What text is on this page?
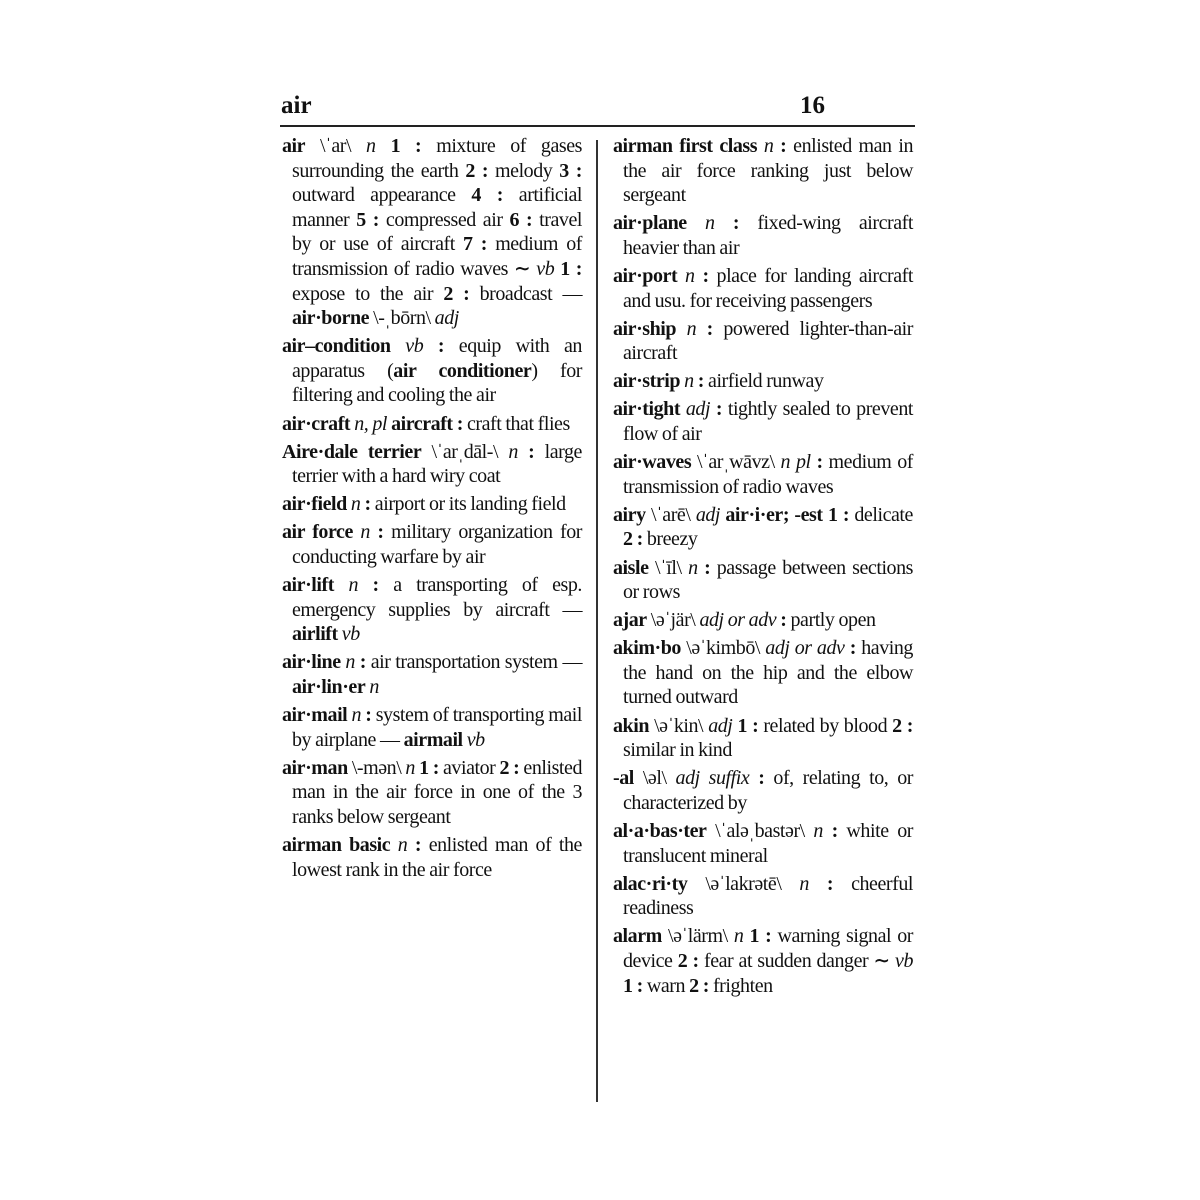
air	16
air \ˈar\ n 1 : mixture of gases surrounding the earth 2 : melody 3 : outward appearance 4 : artificial manner 5 : compressed air 6 : travel by or use of aircraft 7 : medium of transmission of radio waves ∼ vb 1 : expose to the air 2 : broadcast — air·borne \-ˌbōrn\ adj
air–condition vb : equip with an apparatus (air conditioner) for filtering and cooling the air
air·craft n, pl aircraft : craft that flies
Aire·dale terrier \ˈarˌdāl-\ n : large terrier with a hard wiry coat
air·field n : airport or its landing field
air force n : military organization for conducting warfare by air
air·lift n : a transporting of esp. emergency supplies by aircraft — airlift vb
air·line n : air transportation system — air·lin·er n
air·mail n : system of transporting mail by airplane — airmail vb
air·man \-mən\ n 1 : aviator 2 : enlisted man in the air force in one of the 3 ranks below sergeant
airman basic n : enlisted man of the lowest rank in the air force
airman first class n : enlisted man in the air force ranking just below sergeant
air·plane n : fixed-wing aircraft heavier than air
air·port n : place for landing aircraft and usu. for receiving passengers
air·ship n : powered lighter-than-air aircraft
air·strip n : airfield runway
air·tight adj : tightly sealed to prevent flow of air
air·waves \ˈarˌwāvz\ n pl : medium of transmission of radio waves
airy \ˈarē\ adj air·i·er; -est 1 : delicate 2 : breezy
aisle \ˈīl\ n : passage between sections or rows
ajar \əˈjär\ adj or adv : partly open
akim·bo \əˈkimbō\ adj or adv : having the hand on the hip and the elbow turned outward
akin \əˈkin\ adj 1 : related by blood 2 : similar in kind
-al \əl\ adj suffix : of, relating to, or characterized by
al·a·bas·ter \ˈaləˌbastər\ n : white or translucent mineral
alac·ri·ty \əˈlakrətē\ n : cheerful readiness
alarm \əˈlärm\ n 1 : warning signal or device 2 : fear at sudden danger ∼ vb 1 : warn 2 : frighten
